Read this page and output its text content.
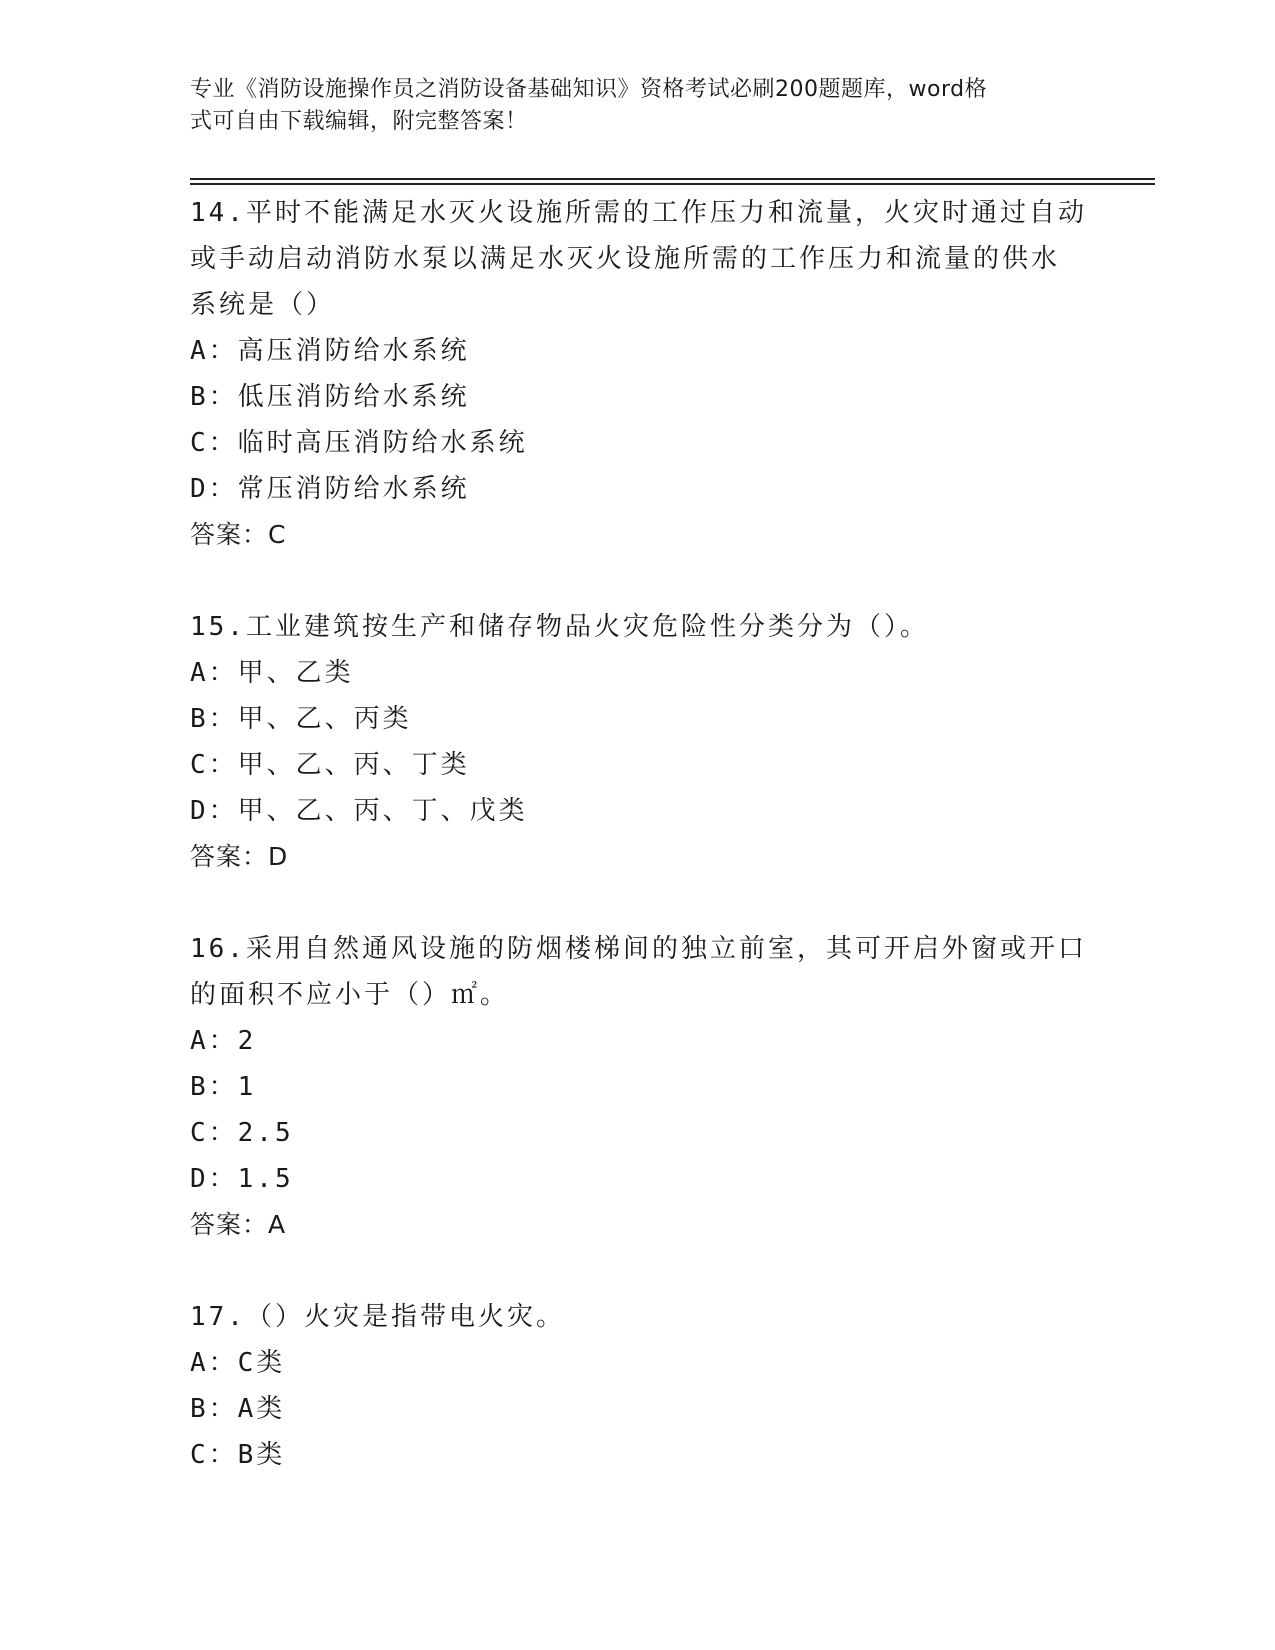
专业《消防设施操作员之消防设备基础知识》资格考试必刷200题题库，word格
式可自由下载编辑，附完整答案！

14.平时不能满足水灭火设施所需的工作压力和流量，火灾时通过自动

或手动启动消防水泵以满足水灭火设施所需的工作压力和流量的供水

系统是（）

A：高压消防给水系统

B：低压消防给水系统

C：临时高压消防给水系统

D：常压消防给水系统

答案：C

15.工业建筑按生产和储存物品火灾危险性分类分为（）。

A：甲、乙类

B：甲、乙、丙类

C：甲、乙、丙、丁类

D：甲、乙、丙、丁、戊类

答案：D

16.采用自然通风设施的防烟楼梯间的独立前室，其可开启外窗或开口

的面积不应小于（）㎡。

A：2

B：1

C：2.5

D：1.5

答案：A

17.（）火灾是指带电火灾。

A：C类

B：A类

C：B类
